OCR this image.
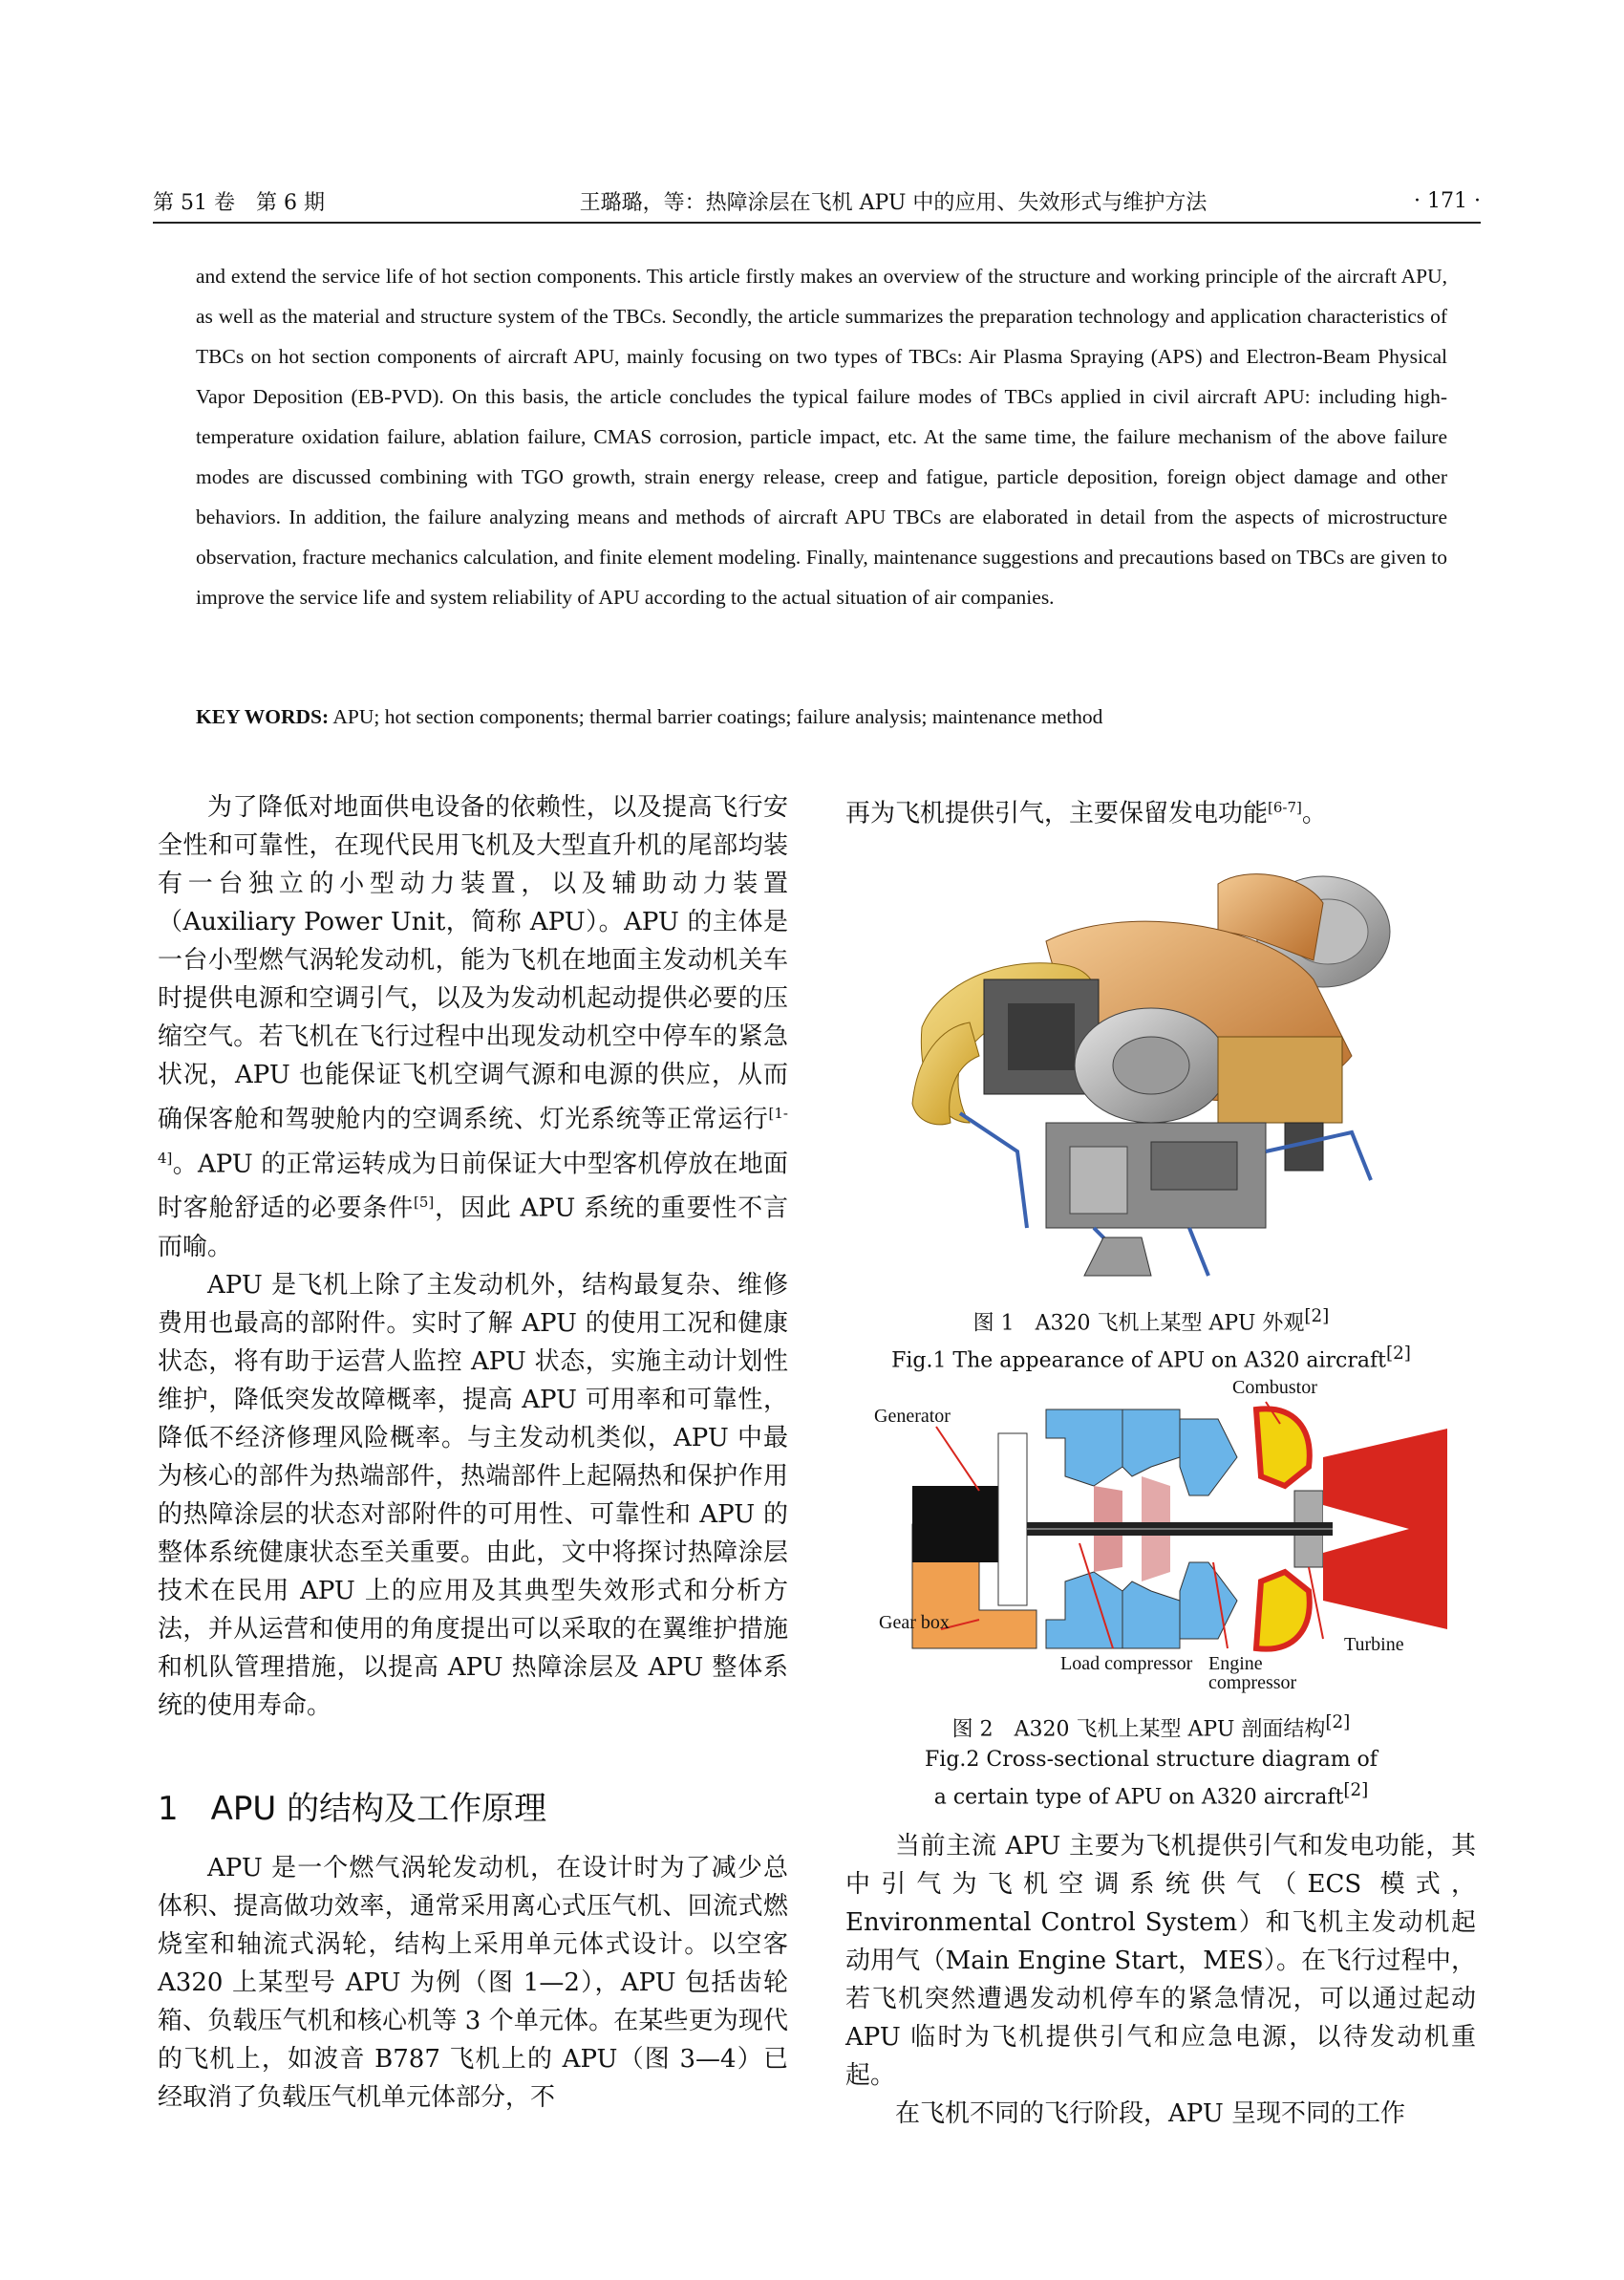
第 51 卷　第 6 期	王璐璐，等：热障涂层在飞机 APU 中的应用、失效形式与维护方法	· 171 ·
and extend the service life of hot section components. This article firstly makes an overview of the structure and working principle of the aircraft APU, as well as the material and structure system of the TBCs. Secondly, the article summarizes the preparation technology and application characteristics of TBCs on hot section components of aircraft APU, mainly focusing on two types of TBCs: Air Plasma Spraying (APS) and Electron-Beam Physical Vapor Deposition (EB-PVD). On this basis, the article concludes the typical failure modes of TBCs applied in civil aircraft APU: including high-temperature oxidation failure, ablation failure, CMAS corrosion, particle impact, etc. At the same time, the failure mechanism of the above failure modes are discussed combining with TGO growth, strain energy release, creep and fatigue, particle deposition, foreign object damage and other behaviors. In addition, the failure analyzing means and methods of aircraft APU TBCs are elaborated in detail from the aspects of microstructure observation, fracture mechanics calculation, and finite element modeling. Finally, maintenance suggestions and precautions based on TBCs are given to improve the service life and system reliability of APU according to the actual situation of air companies.
KEY WORDS: APU; hot section components; thermal barrier coatings; failure analysis; maintenance method

为了降低对地面供电设备的依赖性，以及提高飞行安全性和可靠性，在现代民用飞机及大型直升机的尾部均装有一台独立的小型动力装置，以及辅助动力装置（Auxiliary Power Unit，简称 APU）。APU 的主体是一台小型燃气涡轮发动机，能为飞机在地面主发动机关车时提供电源和空调引气，以及为发动机起动提供必要的压缩空气。若飞机在飞行过程中出现发动机空中停车的紧急状况，APU 也能保证飞机空调气源和电源的供应，从而确保客舱和驾驶舱内的空调系统、灯光系统等正常运行[1-4]。APU 的正常运转成为日前保证大中型客机停放在地面时客舱舒适的必要条件[5]，因此 APU 系统的重要性不言而喻。

APU 是飞机上除了主发动机外，结构最复杂、维修费用也最高的部附件。实时了解 APU 的使用工况和健康状态，将有助于运营人监控 APU 状态，实施主动计划性维护，降低突发故障概率，提高 APU 可用率和可靠性，降低不经济修理风险概率。与主发动机类似，APU 中最为核心的部件为热端部件，热端部件上起隔热和保护作用的热障涂层的状态对部附件的可用性、可靠性和 APU 的整体系统健康状态至关重要。由此，文中将探讨热障涂层技术在民用 APU 上的应用及其典型失效形式和分析方法，并从运营和使用的角度提出可以采取的在翼维护措施和机队管理措施，以提高 APU 热障涂层及 APU 整体系统的使用寿命。

1　APU 的结构及工作原理

APU 是一个燃气涡轮发动机，在设计时为了减少总体积、提高做功效率，通常采用离心式压气机、回流式燃烧室和轴流式涡轮，结构上采用单元体式设计。以空客 A320 上某型号 APU 为例（图 1—2），APU 包括齿轮箱、负载压气机和核心机等 3 个单元体。在某些更为现代的飞机上，如波音 B787 飞机上的 APU（图 3—4）已经取消了负载压气机单元体部分，不

再为飞机提供引气，主要保留发电功能[6-7]。

图 1　A320 飞机上某型 APU 外观[2]
Fig.1 The appearance of APU on A320 aircraft[2]
Generator
Combustor
Gear box
Load compressor Engine
compressor
Turbine
图 2　A320 飞机上某型 APU 剖面结构[2]
Fig.2 Cross-sectional structure diagram of
a certain type of APU on A320 aircraft[2]

当前主流 APU 主要为飞机提供引气和发电功能，其中引气为飞机空调系统供气（ECS 模式，Environmental Control System）和飞机主发动机起动用气（Main Engine Start，MES）。在飞行过程中，若飞机突然遭遇发动机停车的紧急情况，可以通过起动 APU 临时为飞机提供引气和应急电源，以待发动机重起。

在飞机不同的飞行阶段，APU 呈现不同的工作
